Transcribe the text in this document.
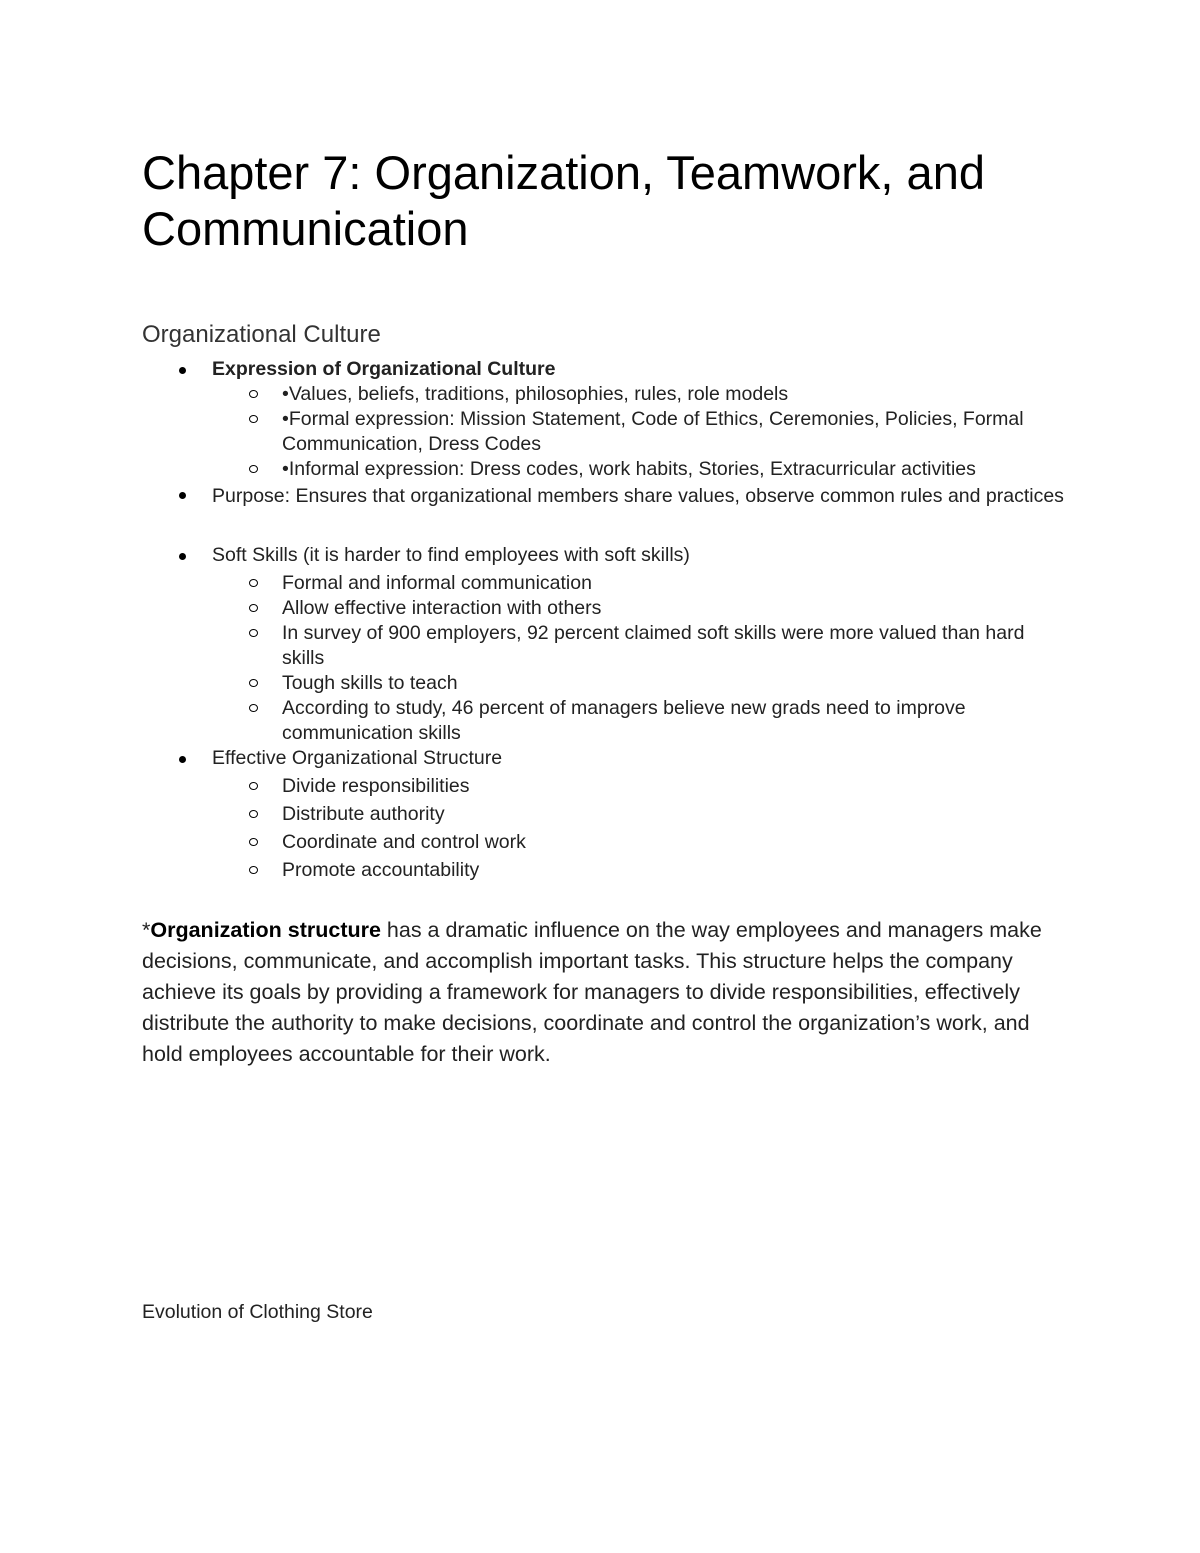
Chapter 7: Organization, Teamwork, and Communication
Organizational Culture
Expression of Organizational Culture
•Values, beliefs, traditions, philosophies, rules, role models
•Formal expression: Mission Statement, Code of Ethics, Ceremonies, Policies, Formal Communication, Dress Codes
•Informal expression: Dress codes, work habits, Stories, Extracurricular activities
Purpose: Ensures that organizational members share values, observe common rules and practices
Soft Skills (it is harder to find employees with soft skills)
Formal and informal communication
Allow effective interaction with others
In survey of 900 employers, 92 percent claimed soft skills were more valued than hard skills
Tough skills to teach
According to study, 46 percent of managers believe new grads need to improve communication skills
Effective Organizational Structure
Divide responsibilities
Distribute authority
Coordinate and control work
Promote accountability

*Organization structure has a dramatic influence on the way employees and managers make decisions, communicate, and accomplish important tasks. This structure helps the company achieve its goals by providing a framework for managers to divide responsibilities, effectively distribute the authority to make decisions, coordinate and control the organization’s work, and hold employees accountable for their work.

Evolution of Clothing Store
